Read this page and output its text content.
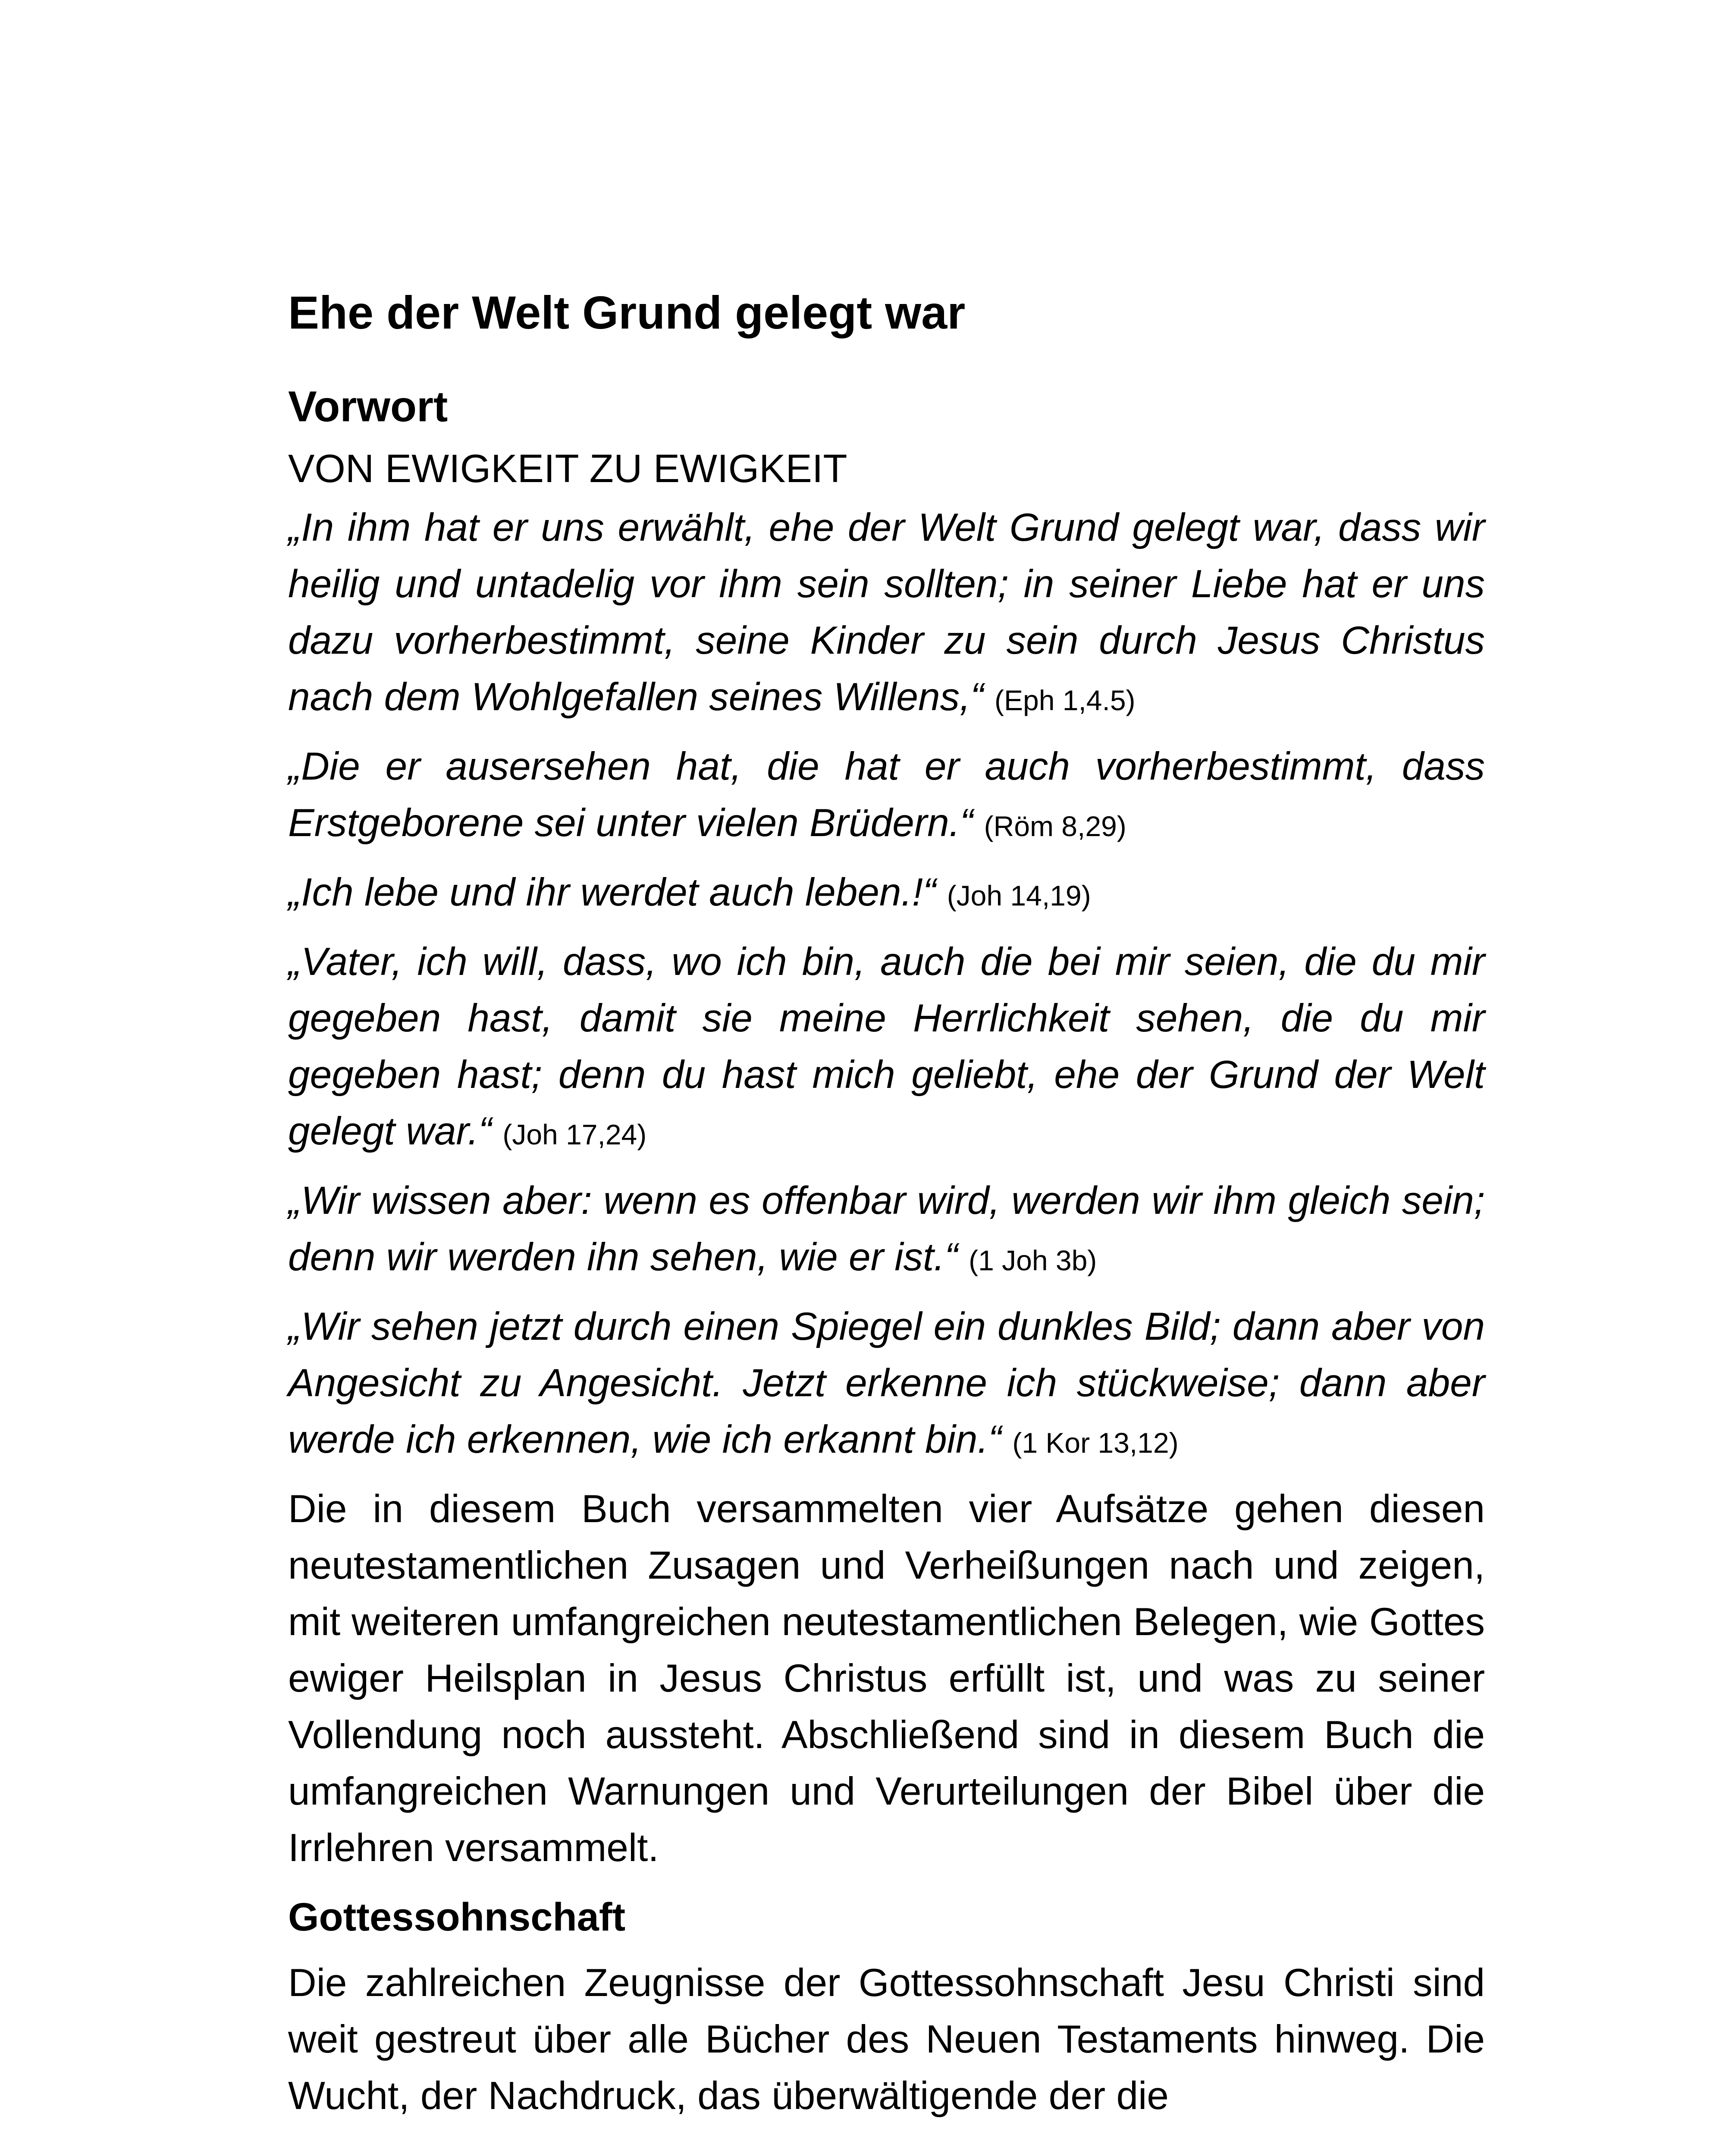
Ehe der Welt Grund gelegt war
Vorwort
VON EWIGKEIT ZU EWIGKEIT

„In ihm hat er uns erwählt, ehe der Welt Grund gelegt war, dass wir heilig und untadelig vor ihm sein sollten; in seiner Liebe hat er uns dazu vorherbestimmt, seine Kinder zu sein durch Jesus Christus nach dem Wohlgefallen seines Willens,“ (Eph 1,4.5)

„Die er ausersehen hat, die hat er auch vorherbestimmt, dass Erstgeborene sei unter vielen Brüdern.“ (Röm 8,29)

„Ich lebe und ihr werdet auch leben.!“ (Joh 14,19)

„Vater, ich will, dass, wo ich bin, auch die bei mir seien, die du mir gegeben hast, damit sie meine Herrlichkeit sehen, die du mir gegeben hast; denn du hast mich geliebt, ehe der Grund der Welt gelegt war.“ (Joh 17,24)

„Wir wissen aber: wenn es offenbar wird, werden wir ihm gleich sein; denn wir werden ihn sehen, wie er ist.“ (1 Joh 3b)

„Wir sehen jetzt durch einen Spiegel ein dunkles Bild; dann aber von Angesicht zu Angesicht. Jetzt erkenne ich stückweise; dann aber werde ich erkennen, wie ich erkannt bin.“ (1 Kor 13,12)

Die in diesem Buch versammelten vier Aufsätze gehen diesen neutestamentlichen Zusagen und Verheißungen nach und zeigen, mit weiteren umfangreichen neutestamentlichen Belegen, wie Gottes ewiger Heilsplan in Jesus Christus erfüllt ist, und was zu seiner Vollendung noch aussteht. Abschließend sind in diesem Buch die umfangreichen Warnungen und Verurteilungen der Bibel über die Irrlehren versammelt.

Gottessohnschaft

Die zahlreichen Zeugnisse der Gottessohnschaft Jesu Christi sind weit gestreut über alle Bücher des Neuen Testaments hinweg. Die Wucht, der Nachdruck, das überwältigende der die
